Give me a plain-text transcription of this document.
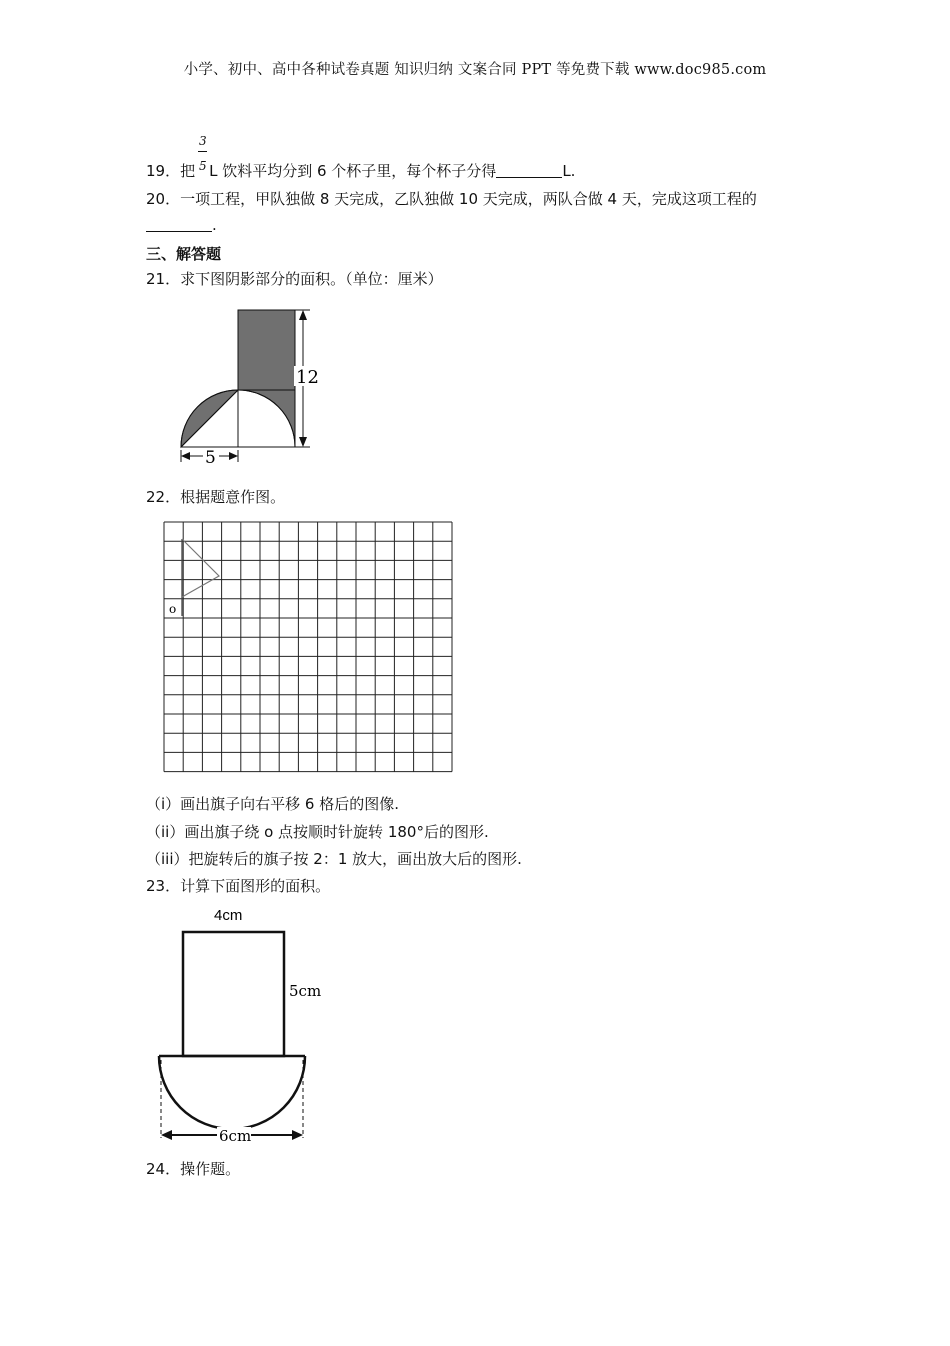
小学、初中、高中各种试卷真题 知识归纳 文案合同 PPT 等免费下载 www.doc985.com
19．把 L 饮料平均分到 6 个杯子里，每个杯子分得	L.
3
5
20．一项工程，甲队独做 8 天完成，乙队独做 10 天完成，两队合做 4 天，完成这项工程的
.
三、解答题
21．求下图阴影部分的面积。（单位：厘米）
12
5
22．根据题意作图。
o
（i）画出旗子向右平移 6 格后的图像.
（ii）画出旗子绕 o 点按顺时针旋转 180°后的图形.
（iii）把旋转后的旗子按 2：1 放大，画出放大后的图形.
23．计算下面图形的面积。
4cm
5cm
6cm
24．操作题。
